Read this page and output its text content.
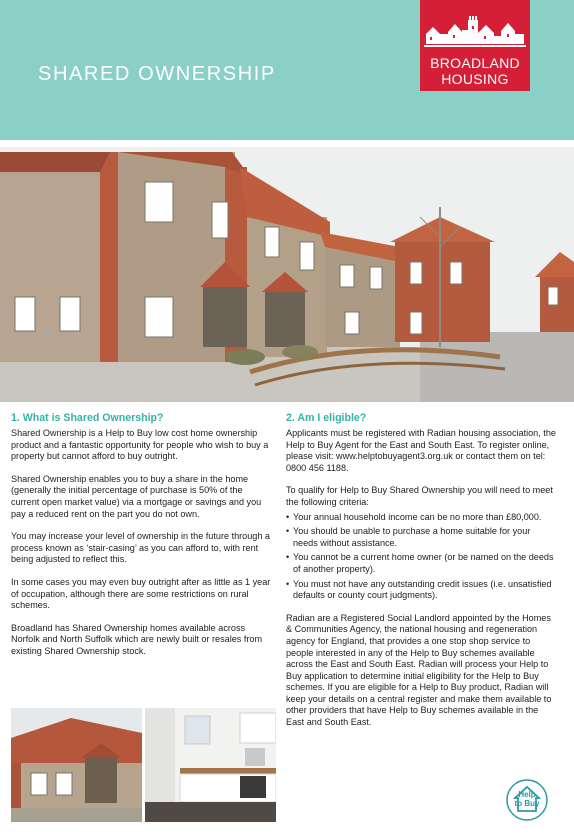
SHARED OWNERSHIP	BROADLAND
HOUSING
1. What is Shared Ownership?

Shared Ownership is a Help to Buy low cost home ownership product and a fantastic opportunity for people who wish to buy a property but cannot afford to buy outright.

Shared Ownership enables you to buy a share in the home (generally the initial percentage of purchase is 50% of the current open market value) via a mortgage or savings and you pay a reduced rent on the part you do not own.

You may increase your level of ownership in the future through a process known as ‘stair-casing’ as you can afford to, with rent being adjusted to reflect this.

In some cases you may even buy outright after as little as 1 year of occupation, although there are some restrictions on rural schemes.

Broadland has Shared Ownership homes available across Norfolk and North Suffolk which are newly built or resales from existing Shared Ownership stock.

2. Am I eligible?

Applicants must be registered with Radian housing association, the Help to Buy Agent for the East and South East. To register online, please visit: www.helptobuyagent3.org.uk or contact them on tel: 0800 456 1188.

To qualify for Help to Buy Shared Ownership you will need to meet the following criteria:

• Your annual household income can be no more than £80,000.
• You should be unable to purchase a home suitable for your needs without assistance.
• You cannot be a current home owner (or be named on the deeds of another property).
• You must not have any outstanding credit issues (i.e. unsatisfied defaults or county court judgments).

Radian are a Registered Social Landlord appointed by the Homes & Communities Agency, the national housing and regeneration agency for England, that provides a one stop shop service to people interested in any of the Help to Buy schemes available across the East and South East. Radian will process your Help to Buy application to determine initial eligibility for the Help to Buy schemes. If you are eligible for a Help to Buy product, Radian will keep your details on a central register and make them available to other providers that have Help to Buy schemes available in the East and South East.

Help
to Buy
